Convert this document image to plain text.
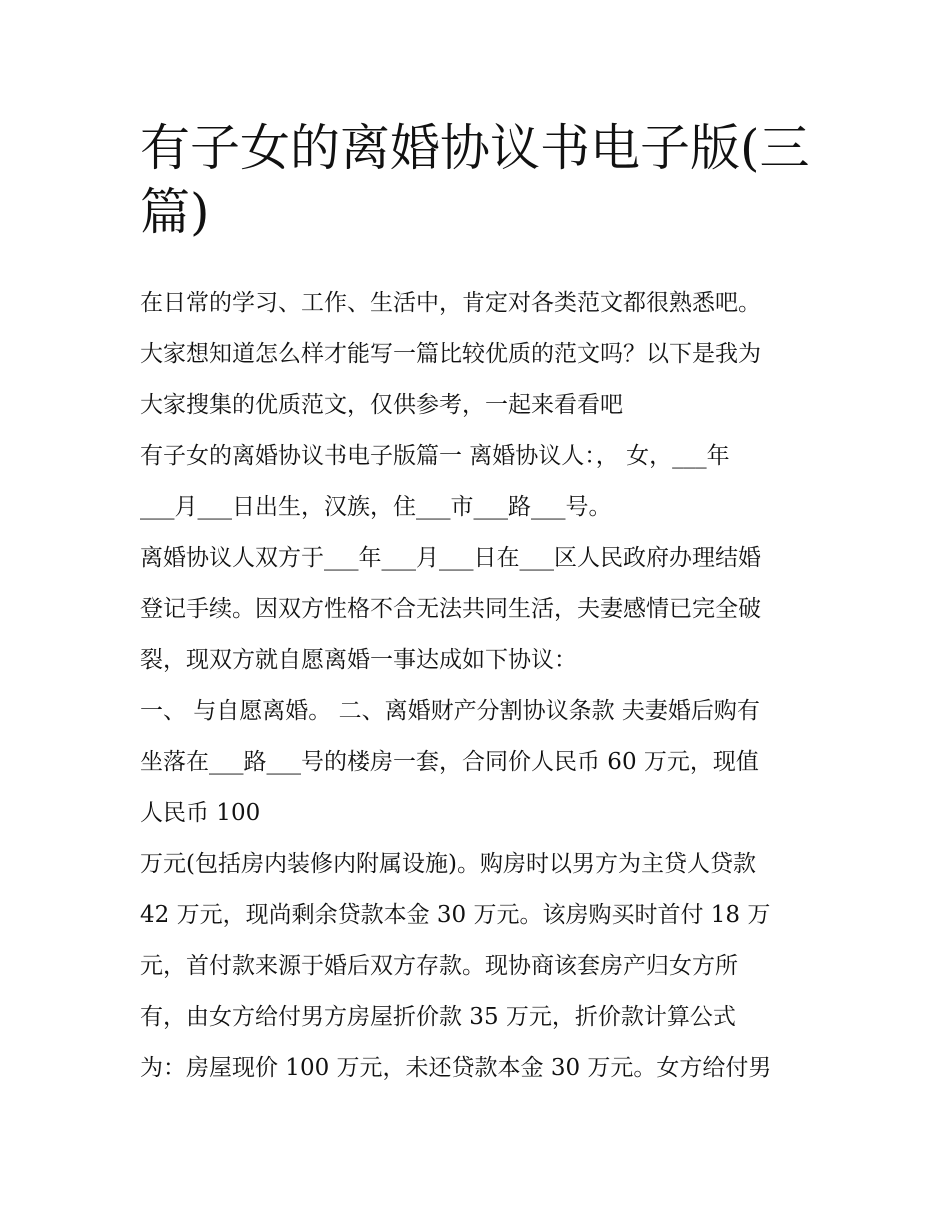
有子女的离婚协议书电子版(三
篇)
在日常的学习、工作、生活中，肯定对各类范文都很熟悉吧。
大家想知道怎么样才能写一篇比较优质的范文吗？以下是我为
大家搜集的优质范文，仅供参考，一起来看看吧
有子女的离婚协议书电子版篇一 离婚协议人：， 女，___年
___月___日出生，汉族，住___市___路___号。
离婚协议人双方于___年___月___日在___区人民政府办理结婚
登记手续。因双方性格不合无法共同生活，夫妻感情已完全破
裂，现双方就自愿离婚一事达成如下协议：
一、 与自愿离婚。 二、离婚财产分割协议条款 夫妻婚后购有
坐落在___路___号的楼房一套，合同价人民币 60 万元，现值
人民币 100
万元(包括房内装修内附属设施)。购房时以男方为主贷人贷款
42 万元，现尚剩余贷款本金 30 万元。该房购买时首付 18 万
元，首付款来源于婚后双方存款。现协商该套房产归女方所
有，由女方给付男方房屋折价款 35 万元，折价款计算公式
为：房屋现价 100 万元，未还贷款本金 30 万元。女方给付男
